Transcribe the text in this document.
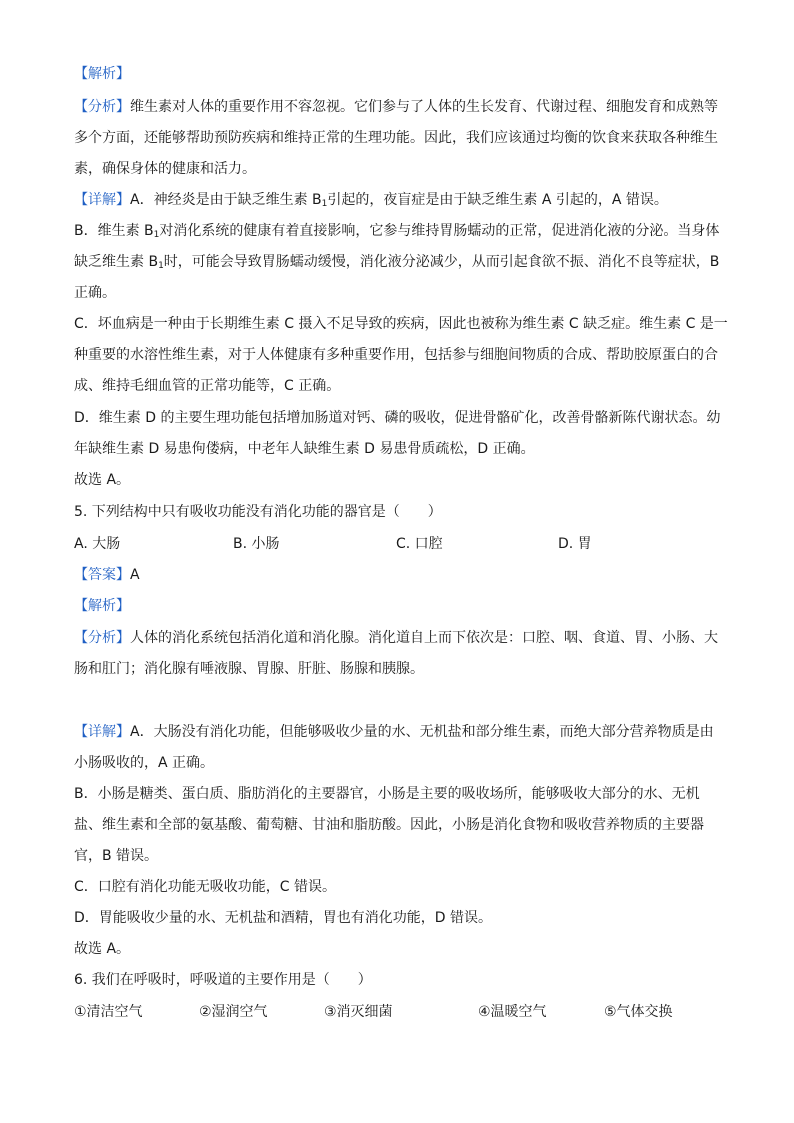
【解析】
【分析】维生素对人体的重要作用不容忽视。它们参与了人体的生长发育、代谢过程、细胞发育和成熟等
多个方面，还能够帮助预防疾病和维持正常的生理功能。因此，我们应该通过均衡的饮食来获取各种维生
素，确保身体的健康和活力。
【详解】A．神经炎是由于缺乏维生素 $B_1$引起的，夜盲症是由于缺乏维生素 A 引起的，A 错误。
B．维生素 $B_1$对消化系统的健康有着直接影响，它参与维持胃肠蠕动的正常，促进消化液的分泌。当身体
缺乏维生素 $B_1$时，可能会导致胃肠蠕动缓慢，消化液分泌减少，从而引起食欲不振、消化不良等症状，B
正确。
C．坏血病是一种由于长期维生素 C 摄入不足导致的疾病，因此也被称为维生素 C 缺乏症。维生素 C 是一
种重要的水溶性维生素，对于人体健康有多种重要作用，包括参与细胞间物质的合成、帮助胶原蛋白的合
成、维持毛细血管的正常功能等，C 正确。
D．维生素 D 的主要生理功能包括增加肠道对钙、磷的吸收，促进骨骼矿化，改善骨骼新陈代谢状态。幼
年缺维生素 D 易患佝偻病，中老年人缺维生素 D 易患骨质疏松，D 正确。
故选 A。
5. 下列结构中只有吸收功能没有消化功能的器官是（　　）
A. 大肠	B. 小肠	C. 口腔	D. 胃
【答案】A
【解析】
【分析】人体的消化系统包括消化道和消化腺。消化道自上而下依次是：口腔、咽、食道、胃、小肠、大
肠和肛门；消化腺有唾液腺、胃腺、肝脏、肠腺和胰腺。
【详解】A．大肠没有消化功能，但能够吸收少量的水、无机盐和部分维生素，而绝大部分营养物质是由
小肠吸收的，A 正确。
B．小肠是糖类、蛋白质、脂肪消化的主要器官，小肠是主要的吸收场所，能够吸收大部分的水、无机
盐、维生素和全部的氨基酸、葡萄糖、甘油和脂肪酸。因此，小肠是消化食物和吸收营养物质的主要器
官，B 错误。
C．口腔有消化功能无吸收功能，C 错误。
D．胃能吸收少量的水、无机盐和酒精，胃也有消化功能，D 错误。
故选 A。
6. 我们在呼吸时，呼吸道的主要作用是（　　）
①清洁空气	②湿润空气	③消灭细菌	④温暖空气	⑤气体交换
